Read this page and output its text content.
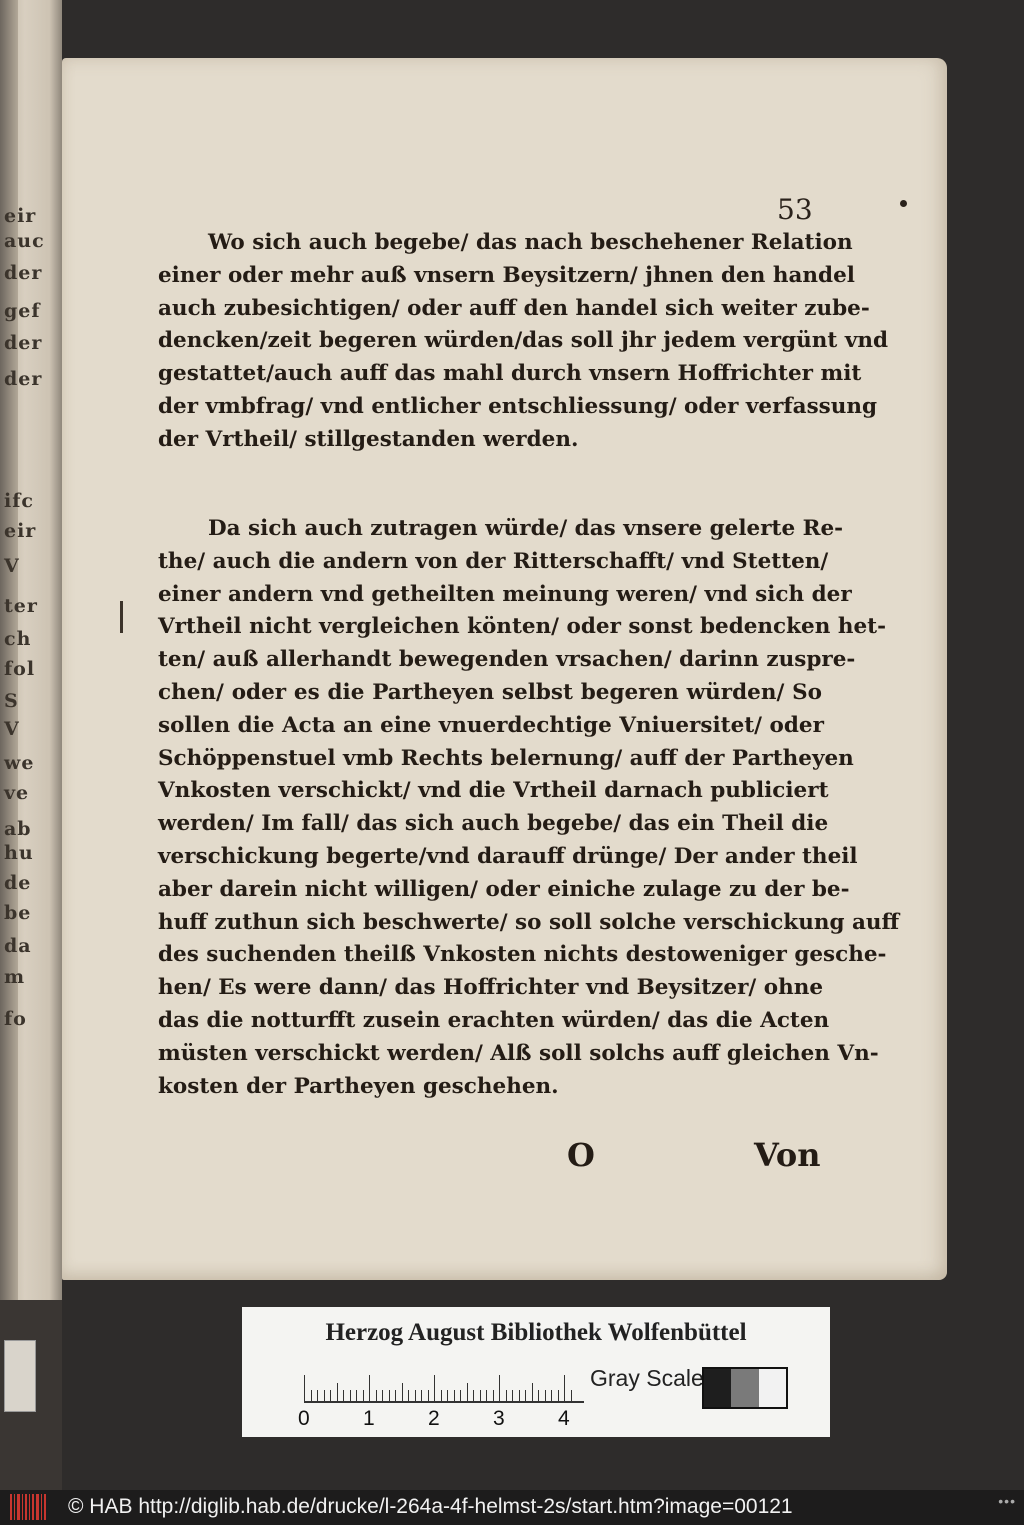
eir
auc
der
gef
der
der
ifc
eir
V
ter
ch
fol
S
V
we
ve
ab
hu
de
be
da
m
fo
53
Wo sich auch begebe/ das nach beschehener Relation
einer oder mehr auß vnsern Beysitzern/ jhnen den handel
auch zubesichtigen/ oder auff den handel sich weiter zube-
dencken/zeit begeren würden/das soll jhr jedem vergünt vnd
gestattet/auch auff das mahl durch vnsern Hoffrichter mit
der vmbfrag/ vnd entlicher entschliessung/ oder verfassung
der Vrtheil/ stillgestanden werden.
Da sich auch zutragen würde/ das vnsere gelerte Re-
the/ auch die andern von der Ritterschafft/ vnd Stetten/
einer andern vnd getheilten meinung weren/ vnd sich der
Vrtheil nicht vergleichen könten/ oder sonst bedencken het-
ten/ auß allerhandt bewegenden vrsachen/ darinn zuspre-
chen/ oder es die Partheyen selbst begeren würden/ So
sollen die Acta an eine vnuerdechtige Vniuersitet/ oder
Schöppenstuel vmb Rechts belernung/ auff der Partheyen
Vnkosten verschickt/ vnd die Vrtheil darnach publiciert
werden/ Im fall/ das sich auch begebe/ das ein Theil die
verschickung begerte/vnd darauff drünge/ Der ander theil
aber darein nicht willigen/ oder einiche zulage zu der be-
huff zuthun sich beschwerte/ so soll solche verschickung auff
des suchenden theilß Vnkosten nichts destoweniger gesche-
hen/ Es were dann/ das Hoffrichter vnd Beysitzer/ ohne
das die notturfft zusein erachten würden/ das die Acten
müsten verschickt werden/ Alß soll solchs auff gleichen Vn-
kosten der Partheyen geschehen.
O	Von
Herzog August Bibliothek Wolfenbüttel
0	1	2	3	4
Gray Scale
© HAB http://diglib.hab.de/drucke/l-264a-4f-helmst-2s/start.htm?image=00121	•••
